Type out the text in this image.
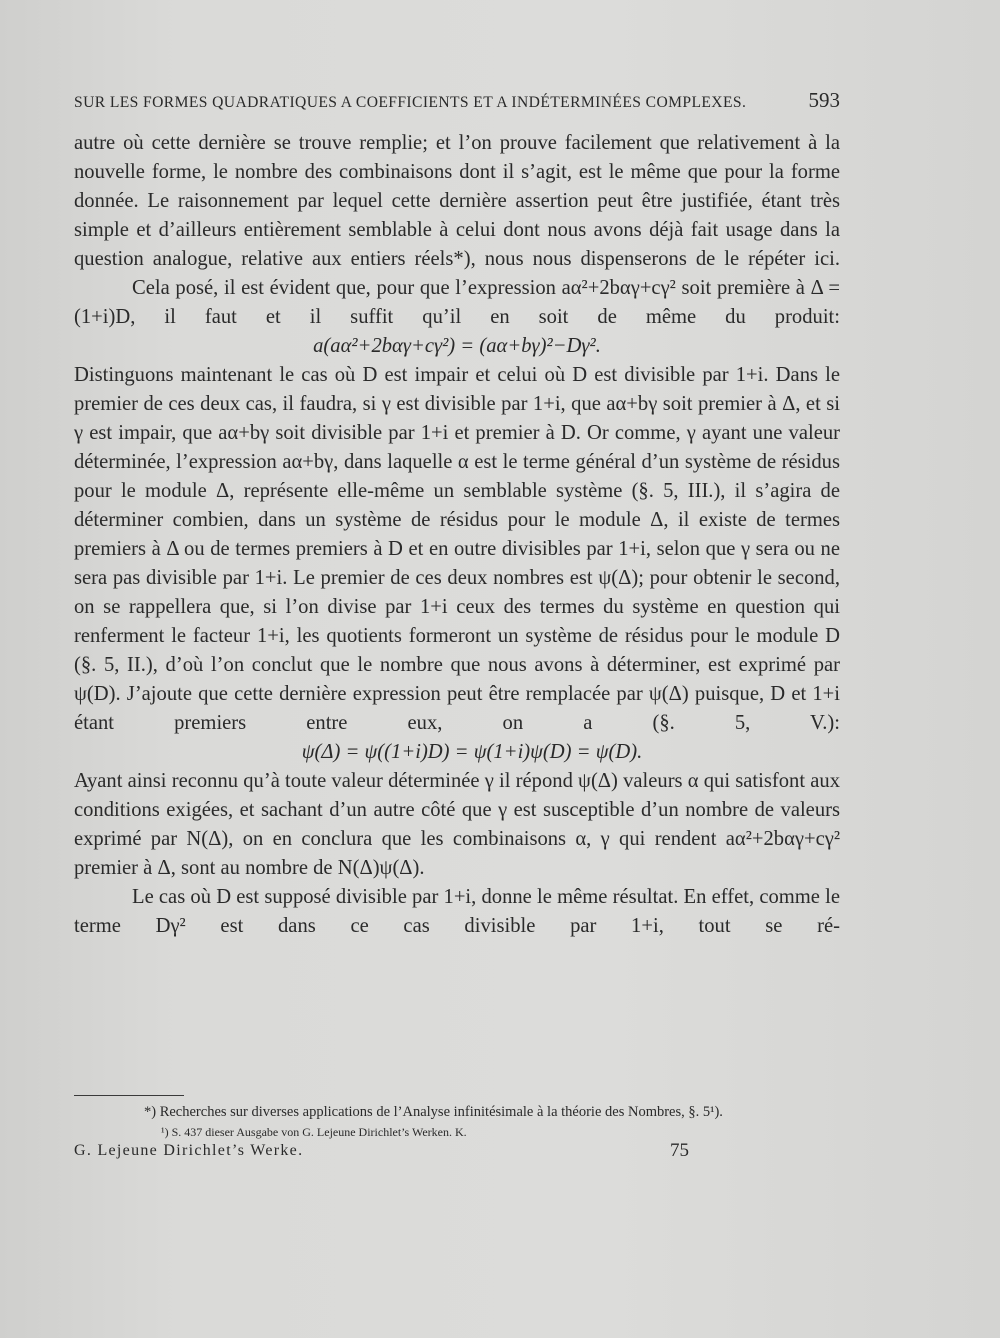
SUR LES FORMES QUADRATIQUES A COEFFICIENTS ET A INDÉTERMINÉES COMPLEXES.	593

autre où cette dernière se trouve remplie; et l’on prouve facilement que relativement à la nouvelle forme, le nombre des combinaisons dont il s’agit, est le même que pour la forme donnée. Le raisonnement par lequel cette dernière assertion peut être justifiée, étant très simple et d’ailleurs entièrement semblable à celui dont nous avons déjà fait usage dans la question analogue, relative aux entiers réels*), nous nous dispenserons de le répéter ici.

Cela posé, il est évident que, pour que l’expression aα²+2bαγ+cγ² soit première à Δ = (1+i)D, il faut et il suffit qu’il en soit de même du produit:

a(aα²+2bαγ+cγ²) = (aα+bγ)²−Dγ².

Distinguons maintenant le cas où D est impair et celui où D est divisible par 1+i. Dans le premier de ces deux cas, il faudra, si γ est divisible par 1+i, que aα+bγ soit premier à Δ, et si γ est impair, que aα+bγ soit divisible par 1+i et premier à D. Or comme, γ ayant une valeur déterminée, l’expression aα+bγ, dans laquelle α est le terme général d’un système de résidus pour le module Δ, représente elle-même un semblable système (§. 5, III.), il s’agira de déterminer combien, dans un système de résidus pour le module Δ, il existe de termes premiers à Δ ou de termes premiers à D et en outre divisibles par 1+i, selon que γ sera ou ne sera pas divisible par 1+i. Le premier de ces deux nombres est ψ(Δ); pour obtenir le second, on se rappellera que, si l’on divise par 1+i ceux des termes du système en question qui renferment le facteur 1+i, les quotients formeront un système de résidus pour le module D (§. 5, II.), d’où l’on conclut que le nombre que nous avons à déterminer, est exprimé par ψ(D). J’ajoute que cette dernière expression peut être remplacée par ψ(Δ) puisque, D et 1+i étant premiers entre eux, on a (§. 5, V.):

ψ(Δ) = ψ((1+i)D) = ψ(1+i)ψ(D) = ψ(D).

Ayant ainsi reconnu qu’à toute valeur déterminée γ il répond ψ(Δ) valeurs α qui satisfont aux conditions exigées, et sachant d’un autre côté que γ est susceptible d’un nombre de valeurs exprimé par N(Δ), on en conclura que les combinaisons α, γ qui rendent aα²+2bαγ+cγ² premier à Δ, sont au nombre de N(Δ)ψ(Δ).

Le cas où D est supposé divisible par 1+i, donne le même résultat. En effet, comme le terme Dγ² est dans ce cas divisible par 1+i, tout se ré-

*) Recherches sur diverses applications de l’Analyse infinitésimale à la théorie des Nombres, §. 5¹).
¹) S. 437 dieser Ausgabe von G. Lejeune Dirichlet’s Werken. K.
G. Lejeune Dirichlet’s Werke.	75
